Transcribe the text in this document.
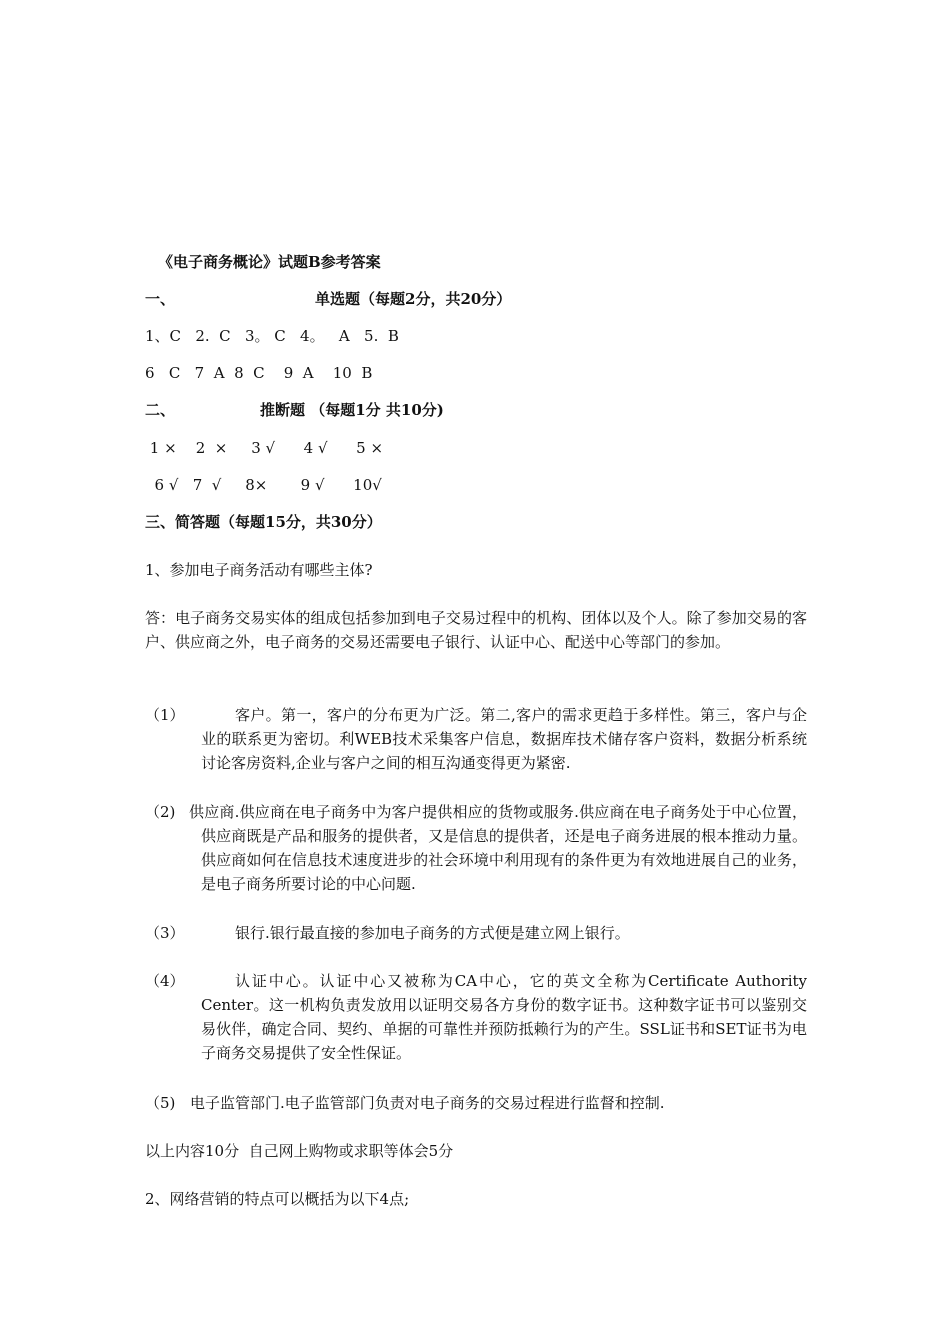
《电子商务概论》试题B参考答案
一、	单选题（每题2分，共20分）
1、C   2.  C   3。 C   4。   A   5.  B
6   C   7  A  8  C    9  A    10  B
二、	推断题 （每题1分 共10分)
1 ×    2  ×     3 √      4 √      5 ×
6 √   7  √     8×       9 √      10√
三、简答题（每题15分，共30分）
1、参加电子商务活动有哪些主体?
答：电子商务交易实体的组成包括参加到电子交易过程中的机构、团体以及个人。除了参加交易的客户、供应商之外，电子商务的交易还需要电子银行、认证中心、配送中心等部门的参加。
（1）	客户。第一，客户的分布更为广泛。第二,客户的需求更趋于多样性。第三，客户与企业的联系更为密切。利WEB技术采集客户信息，数据库技术储存客户资料，数据分析系统讨论客房资料,企业与客户之间的相互沟通变得更为紧密.
（2) 供应商.供应商在电子商务中为客户提供相应的货物或服务.供应商在电子商务处于中心位置，供应商既是产品和服务的提供者，又是信息的提供者，还是电子商务进展的根本推动力量。供应商如何在信息技术速度进步的社会环境中利用现有的条件更为有效地进展自己的业务，是电子商务所要讨论的中心问题.
（3）	银行.银行最直接的参加电子商务的方式便是建立网上银行。
（4）	认证中心。认证中心又被称为CA中心，它的英文全称为Certificate Authority Center。这一机构负责发放用以证明交易各方身份的数字证书。这种数字证书可以鉴别交易伙伴，确定合同、契约、单据的可靠性并预防抵赖行为的产生。SSL证书和SET证书为电子商务交易提供了安全性保证。
（5) 电子监管部门.电子监管部门负责对电子商务的交易过程进行监督和控制.
以上内容10分  自己网上购物或求职等体会5分
2、网络营销的特点可以概括为以下4点;
